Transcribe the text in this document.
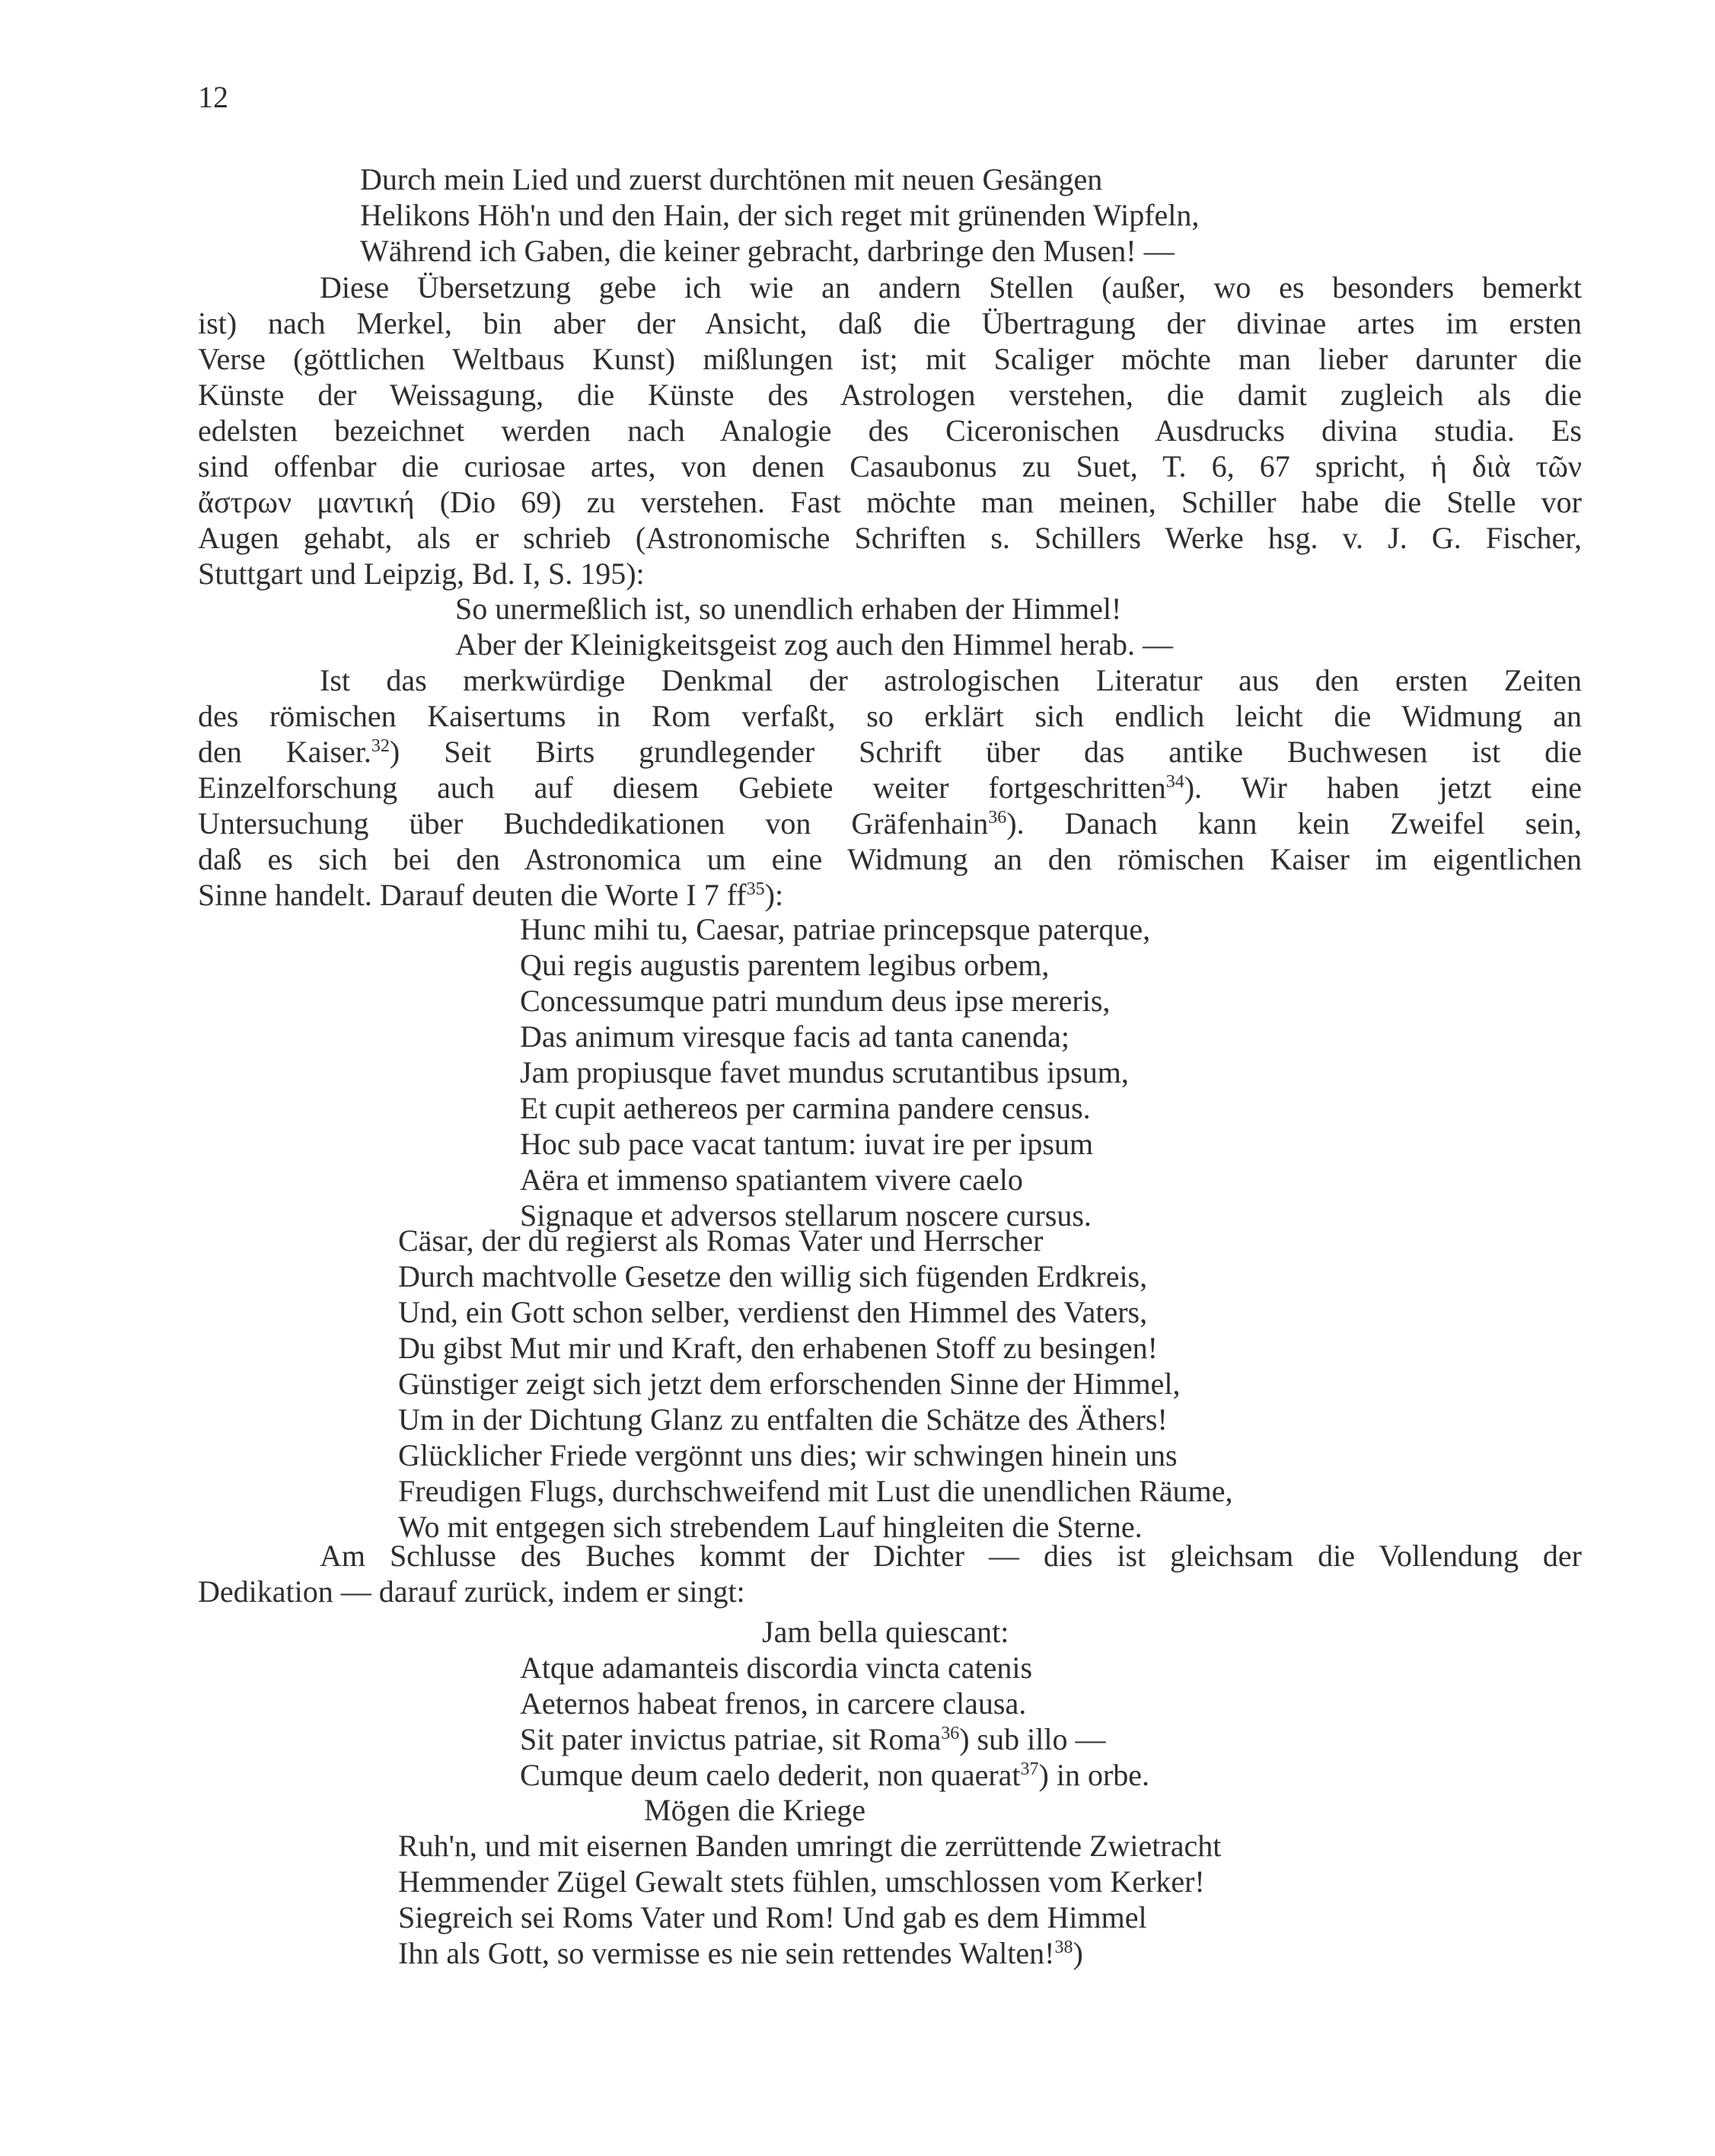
12
Durch mein Lied und zuerst durchtönen mit neuen Gesängen
Helikons Höh'n und den Hain, der sich reget mit grünenden Wipfeln,
Während ich Gaben, die keiner gebracht, darbringe den Musen! —
Diese Übersetzung gebe ich wie an andern Stellen (außer, wo es besonders bemerkt
ist) nach Merkel, bin aber der Ansicht, daß die Übertragung der divinae artes im ersten
Verse (göttlichen Weltbaus Kunst) mißlungen ist; mit Scaliger möchte man lieber darunter die
Künste der Weissagung, die Künste des Astrologen verstehen, die damit zugleich als die
edelsten bezeichnet werden nach Analogie des Ciceronischen Ausdrucks divina studia. Es
sind offenbar die curiosae artes, von denen Casaubonus zu Suet, T. 6, 67 spricht, ἡ διὰ τῶν
ἄστρων μαντική (Dio 69) zu verstehen. Fast möchte man meinen, Schiller habe die Stelle vor
Augen gehabt, als er schrieb (Astronomische Schriften s. Schillers Werke hsg. v. J. G. Fischer,
Stuttgart und Leipzig, Bd. I, S. 195):
So unermeßlich ist, so unendlich erhaben der Himmel!
Aber der Kleinigkeitsgeist zog auch den Himmel herab. —
Ist das merkwürdige Denkmal der astrologischen Literatur aus den ersten Zeiten
des römischen Kaisertums in Rom verfaßt, so erklärt sich endlich leicht die Widmung an
den Kaiser.$^{32}$) Seit Birts grundlegender Schrift über das antike Buchwesen ist die
Einzelforschung auch auf diesem Gebiete weiter fortgeschritten$^{34}$). Wir haben jetzt eine
Untersuchung über Buchdedikationen von Gräfenhain$^{36}$). Danach kann kein Zweifel sein,
daß es sich bei den Astronomica um eine Widmung an den römischen Kaiser im eigentlichen
Sinne handelt. Darauf deuten die Worte I 7 $ff^{35}$):
Hunc mihi tu, Caesar, patriae princepsque paterque,
Qui regis augustis parentem legibus orbem,
Concessumque patri mundum deus ipse mereris,
Das animum viresque facis ad tanta canenda;
Jam propiusque favet mundus scrutantibus ipsum,
Et cupit aethereos per carmina pandere census.
Hoc sub pace vacat tantum: iuvat ire per ipsum
Aëra et immenso spatiantem vivere caelo
Signaque et adversos stellarum noscere cursus.
Cäsar, der du regierst als Romas Vater und Herrscher
Durch machtvolle Gesetze den willig sich fügenden Erdkreis,
Und, ein Gott schon selber, verdienst den Himmel des Vaters,
Du gibst Mut mir und Kraft, den erhabenen Stoff zu besingen!
Günstiger zeigt sich jetzt dem erforschenden Sinne der Himmel,
Um in der Dichtung Glanz zu entfalten die Schätze des Äthers!
Glücklicher Friede vergönnt uns dies; wir schwingen hinein uns
Freudigen Flugs, durchschweifend mit Lust die unendlichen Räume,
Wo mit entgegen sich strebendem Lauf hingleiten die Sterne.
Am Schlusse des Buches kommt der Dichter — dies ist gleichsam die Vollendung der
Dedikation — darauf zurück, indem er singt:
Jam bella quiescant:
Atque adamanteis discordia vincta catenis
Aeternos habeat frenos, in carcere clausa.
Sit pater invictus patriae, sit Roma$^{36}$) sub illo —
Cumque deum caelo dederit, non quaerat$^{37}$) in orbe.
Mögen die Kriege
Ruh'n, und mit eisernen Banden umringt die zerrüttende Zwietracht
Hemmender Zügel Gewalt stets fühlen, umschlossen vom Kerker!
Siegreich sei Roms Vater und Rom! Und gab es dem Himmel
Ihn als Gott, so vermisse es nie sein rettendes Walten!$^{38}$)
